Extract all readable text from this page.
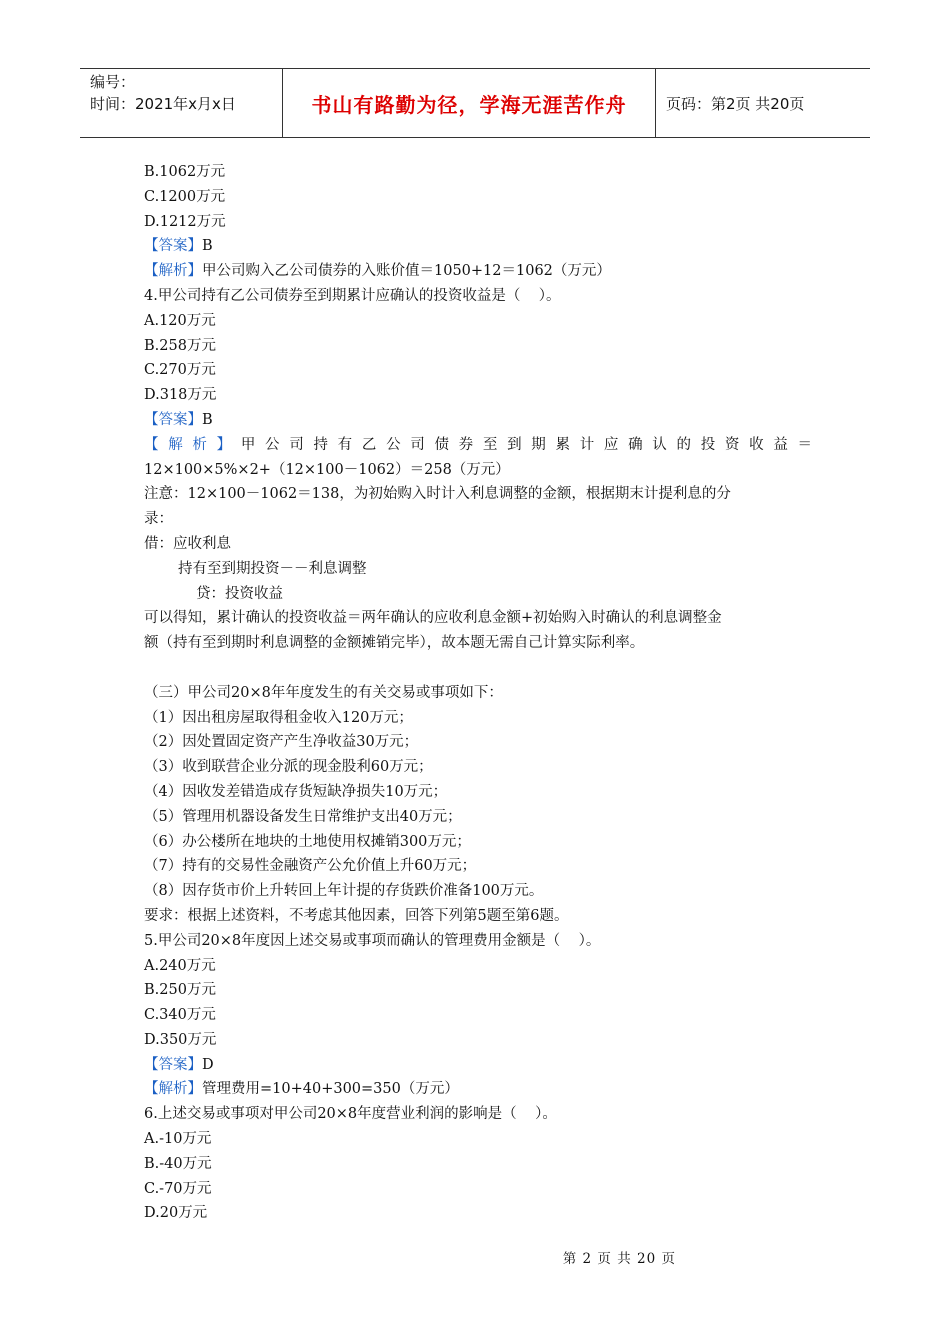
编号：
时间：2021年x月x日	书山有路勤为径，学海无涯苦作舟	页码：第2页 共20页
B.1062万元
C.1200万元
D.1212万元
【答案】B
【解析】甲公司购入乙公司债券的入账价值＝1050+12＝1062（万元）
4.甲公司持有乙公司债券至到期累计应确认的投资收益是（    ）。
A.120万元
B.258万元
C.270万元
D.318万元
【答案】B
【 解 析 】 甲 公 司 持 有 乙 公 司 债 券 至 到 期 累 计 应 确 认 的 投 资 收 益 ＝
12×100×5%×2+（12×100－1062）＝258（万元）
注意：12×100－1062＝138，为初始购入时计入利息调整的金额，根据期末计提利息的分
录：
借：应收利息
持有至到期投资－－利息调整
贷：投资收益
可以得知，累计确认的投资收益＝两年确认的应收利息金额+初始购入时确认的利息调整金
额（持有至到期时利息调整的金额摊销完毕），故本题无需自己计算实际利率。
（三）甲公司20×8年年度发生的有关交易或事项如下：
（1）因出租房屋取得租金收入120万元；
（2）因处置固定资产产生净收益30万元；
（3）收到联营企业分派的现金股利60万元；
（4）因收发差错造成存货短缺净损失10万元；
（5）管理用机器设备发生日常维护支出40万元；
（6）办公楼所在地块的土地使用权摊销300万元；
（7）持有的交易性金融资产公允价值上升60万元；
（8）因存货市价上升转回上年计提的存货跌价准备100万元。
要求：根据上述资料，不考虑其他因素，回答下列第5题至第6题。
5.甲公司20×8年度因上述交易或事项而确认的管理费用金额是（    ）。
A.240万元
B.250万元
C.340万元
D.350万元
【答案】D
【解析】管理费用=10+40+300=350（万元）
6.上述交易或事项对甲公司20×8年度营业利润的影响是（    ）。
A.-10万元
B.-40万元
C.-70万元
D.20万元
第 2 页 共 20 页
